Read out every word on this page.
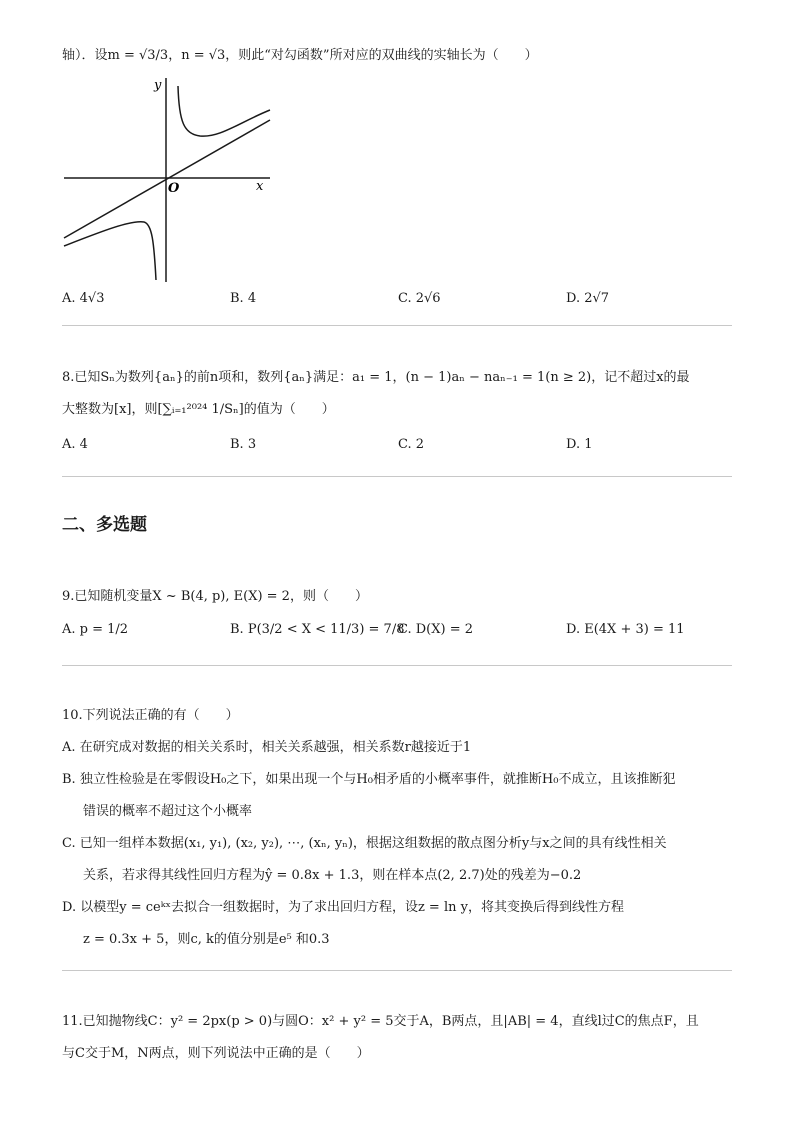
轴）．设m = √3/3，n = √3，则此“对勾函数”所对应的双曲线的实轴长为（　　）
y
x
O
A. 4√3	B. 4	C. 2√6	D. 2√7
8.已知Sₙ为数列{aₙ}的前n项和，数列{aₙ}满足：a₁ = 1，(n − 1)aₙ − naₙ₋₁ = 1(n ≥ 2)，记不超过x的最
大整数为[x]，则[∑ᵢ₌₁²⁰²⁴ 1/Sₙ]的值为（　　）
A. 4	B. 3	C. 2	D. 1
二、多选题
9.已知随机变量X ~ B(4, p), E(X) = 2，则（　　）
A. p = 1/2	B. P(3/2 < X < 11/3) = 7/8
C. D(X) = 2	D. E(4X + 3) = 11
10.下列说法正确的有（　　）
A. 在研究成对数据的相关关系时，相关关系越强，相关系数r越接近于1
B. 独立性检验是在零假设H₀之下，如果出现一个与H₀相矛盾的小概率事件，就推断H₀不成立，且该推断犯
错误的概率不超过这个小概率
C. 已知一组样本数据(x₁, y₁), (x₂, y₂), ⋯, (xₙ, yₙ)，根据这组数据的散点图分析y与x之间的具有线性相关
关系，若求得其线性回归方程为ŷ = 0.8x + 1.3，则在样本点(2, 2.7)处的残差为−0.2
D. 以模型y = ceᵏˣ去拟合一组数据时，为了求出回归方程，设z = ln y，将其变换后得到线性方程
z = 0.3x + 5，则c, k的值分别是e⁵ 和0.3
11.已知抛物线C：y² = 2px(p > 0)与圆O：x² + y² = 5交于A，B两点，且|AB| = 4，直线l过C的焦点F，且
与C交于M，N两点，则下列说法中正确的是（　　）
